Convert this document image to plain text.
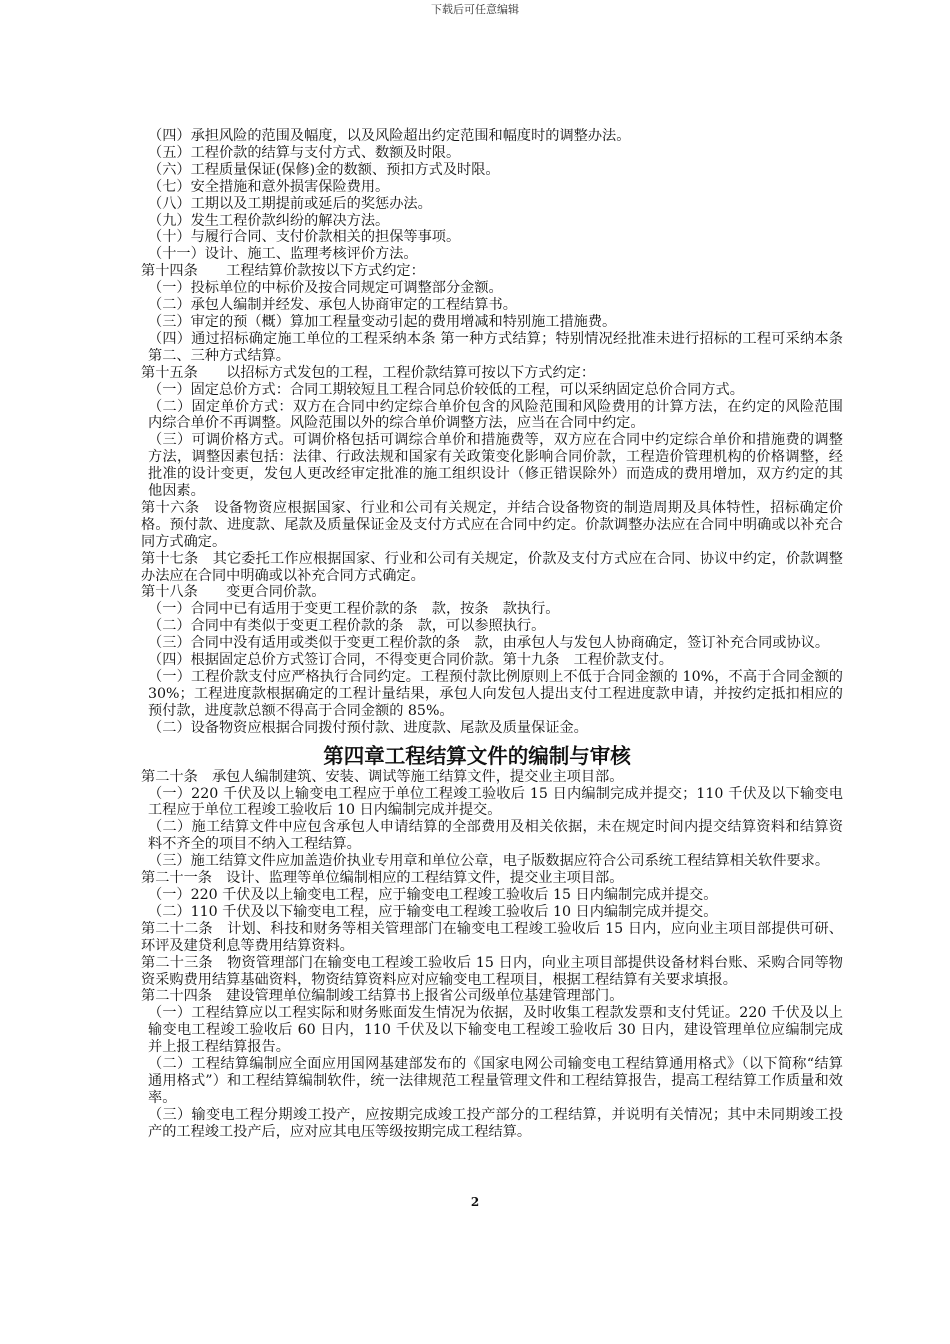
下载后可任意编辑

（四）承担风险的范围及幅度，以及风险超出约定范围和幅度时的调整办法。

（五）工程价款的结算与支付方式、数额及时限。

（六）工程质量保证(保修)金的数额、预扣方式及时限。

（七）安全措施和意外损害保险费用。

（八）工期以及工期提前或延后的奖惩办法。

（九）发生工程价款纠纷的解决方法。

（十）与履行合同、支付价款相关的担保等事项。

（十一）设计、施工、监理考核评价方法。

第十四条　　工程结算价款按以下方式约定：

（一）投标单位的中标价及按合同规定可调整部分金额。

（二）承包人编制并经发、承包人协商审定的工程结算书。

（三）审定的预（概）算加工程量变动引起的费用增减和特别施工措施费。

（四）通过招标确定施工单位的工程采纳本条 第一种方式结算；特别情况经批准未进行招标的工程可采纳本条 第二、三种方式结算。

第十五条　　以招标方式发包的工程，工程价款结算可按以下方式约定：

（一）固定总价方式：合同工期较短且工程合同总价较低的工程，可以采纳固定总价合同方式。

（二）固定单价方式：双方在合同中约定综合单价包含的风险范围和风险费用的计算方法，在约定的风险范围内综合单价不再调整。风险范围以外的综合单价调整方法，应当在合同中约定。

（三）可调价格方式。可调价格包括可调综合单价和措施费等，双方应在合同中约定综合单价和措施费的调整方法，调整因素包括：法律、行政法规和国家有关政策变化影响合同价款，工程造价管理机构的价格调整，经批准的设计变更，发包人更改经审定批准的施工组织设计（修正错误除外）而造成的费用增加，双方约定的其他因素。

第十六条　设备物资应根据国家、行业和公司有关规定，并结合设备物资的制造周期及具体特性，招标确定价格。预付款、进度款、尾款及质量保证金及支付方式应在合同中约定。价款调整办法应在合同中明确或以补充合同方式确定。

第十七条　其它委托工作应根据国家、行业和公司有关规定，价款及支付方式应在合同、协议中约定，价款调整办法应在合同中明确或以补充合同方式确定。

第十八条　　变更合同价款。

（一）合同中已有适用于变更工程价款的条　款，按条　款执行。

（二）合同中有类似于变更工程价款的条　款，可以参照执行。

（三）合同中没有适用或类似于变更工程价款的条　款，由承包人与发包人协商确定，签订补充合同或协议。

（四）根据固定总价方式签订合同，不得变更合同价款。第十九条　工程价款支付。

（一）工程价款支付应严格执行合同约定。工程预付款比例原则上不低于合同金额的 10%，不高于合同金额的 30%；工程进度款根据确定的工程计量结果，承包人向发包人提出支付工程进度款申请，并按约定抵扣相应的预付款，进度款总额不得高于合同金额的 85%。

（二）设备物资应根据合同拨付预付款、进度款、尾款及质量保证金。

第四章工程结算文件的编制与审核

第二十条　承包人编制建筑、安装、调试等施工结算文件，提交业主项目部。

（一）220 千伏及以上输变电工程应于单位工程竣工验收后 15 日内编制完成并提交；110 千伏及以下输变电工程应于单位工程竣工验收后 10 日内编制完成并提交。

（二）施工结算文件中应包含承包人申请结算的全部费用及相关依据，未在规定时间内提交结算资料和结算资料不齐全的项目不纳入工程结算。

（三）施工结算文件应加盖造价执业专用章和单位公章，电子版数据应符合公司系统工程结算相关软件要求。

第二十一条　设计、监理等单位编制相应的工程结算文件，提交业主项目部。

（一）220 千伏及以上输变电工程，应于输变电工程竣工验收后 15 日内编制完成并提交。

（二）110 千伏及以下输变电工程，应于输变电工程竣工验收后 10 日内编制完成并提交。

第二十二条　计划、科技和财务等相关管理部门在输变电工程竣工验收后 15 日内，应向业主项目部提供可研、环评及建贷利息等费用结算资料。

第二十三条　物资管理部门在输变电工程竣工验收后 15 日内，向业主项目部提供设备材料台账、采购合同等物资采购费用结算基础资料，物资结算资料应对应输变电工程项目，根据工程结算有关要求填报。

第二十四条　建设管理单位编制竣工结算书上报省公司级单位基建管理部门。

（一）工程结算应以工程实际和财务账面发生情况为依据，及时收集工程款发票和支付凭证。220 千伏及以上输变电工程竣工验收后 60 日内，110 千伏及以下输变电工程竣工验收后 30 日内，建设管理单位应编制完成并上报工程结算报告。

（二）工程结算编制应全面应用国网基建部发布的《国家电网公司输变电工程结算通用格式》（以下简称“结算通用格式”）和工程结算编制软件，统一法律规范工程量管理文件和工程结算报告，提高工程结算工作质量和效率。

（三）输变电工程分期竣工投产，应按期完成竣工投产部分的工程结算，并说明有关情况；其中未同期竣工投产的工程竣工投产后，应对应其电压等级按期完成工程结算。

2
